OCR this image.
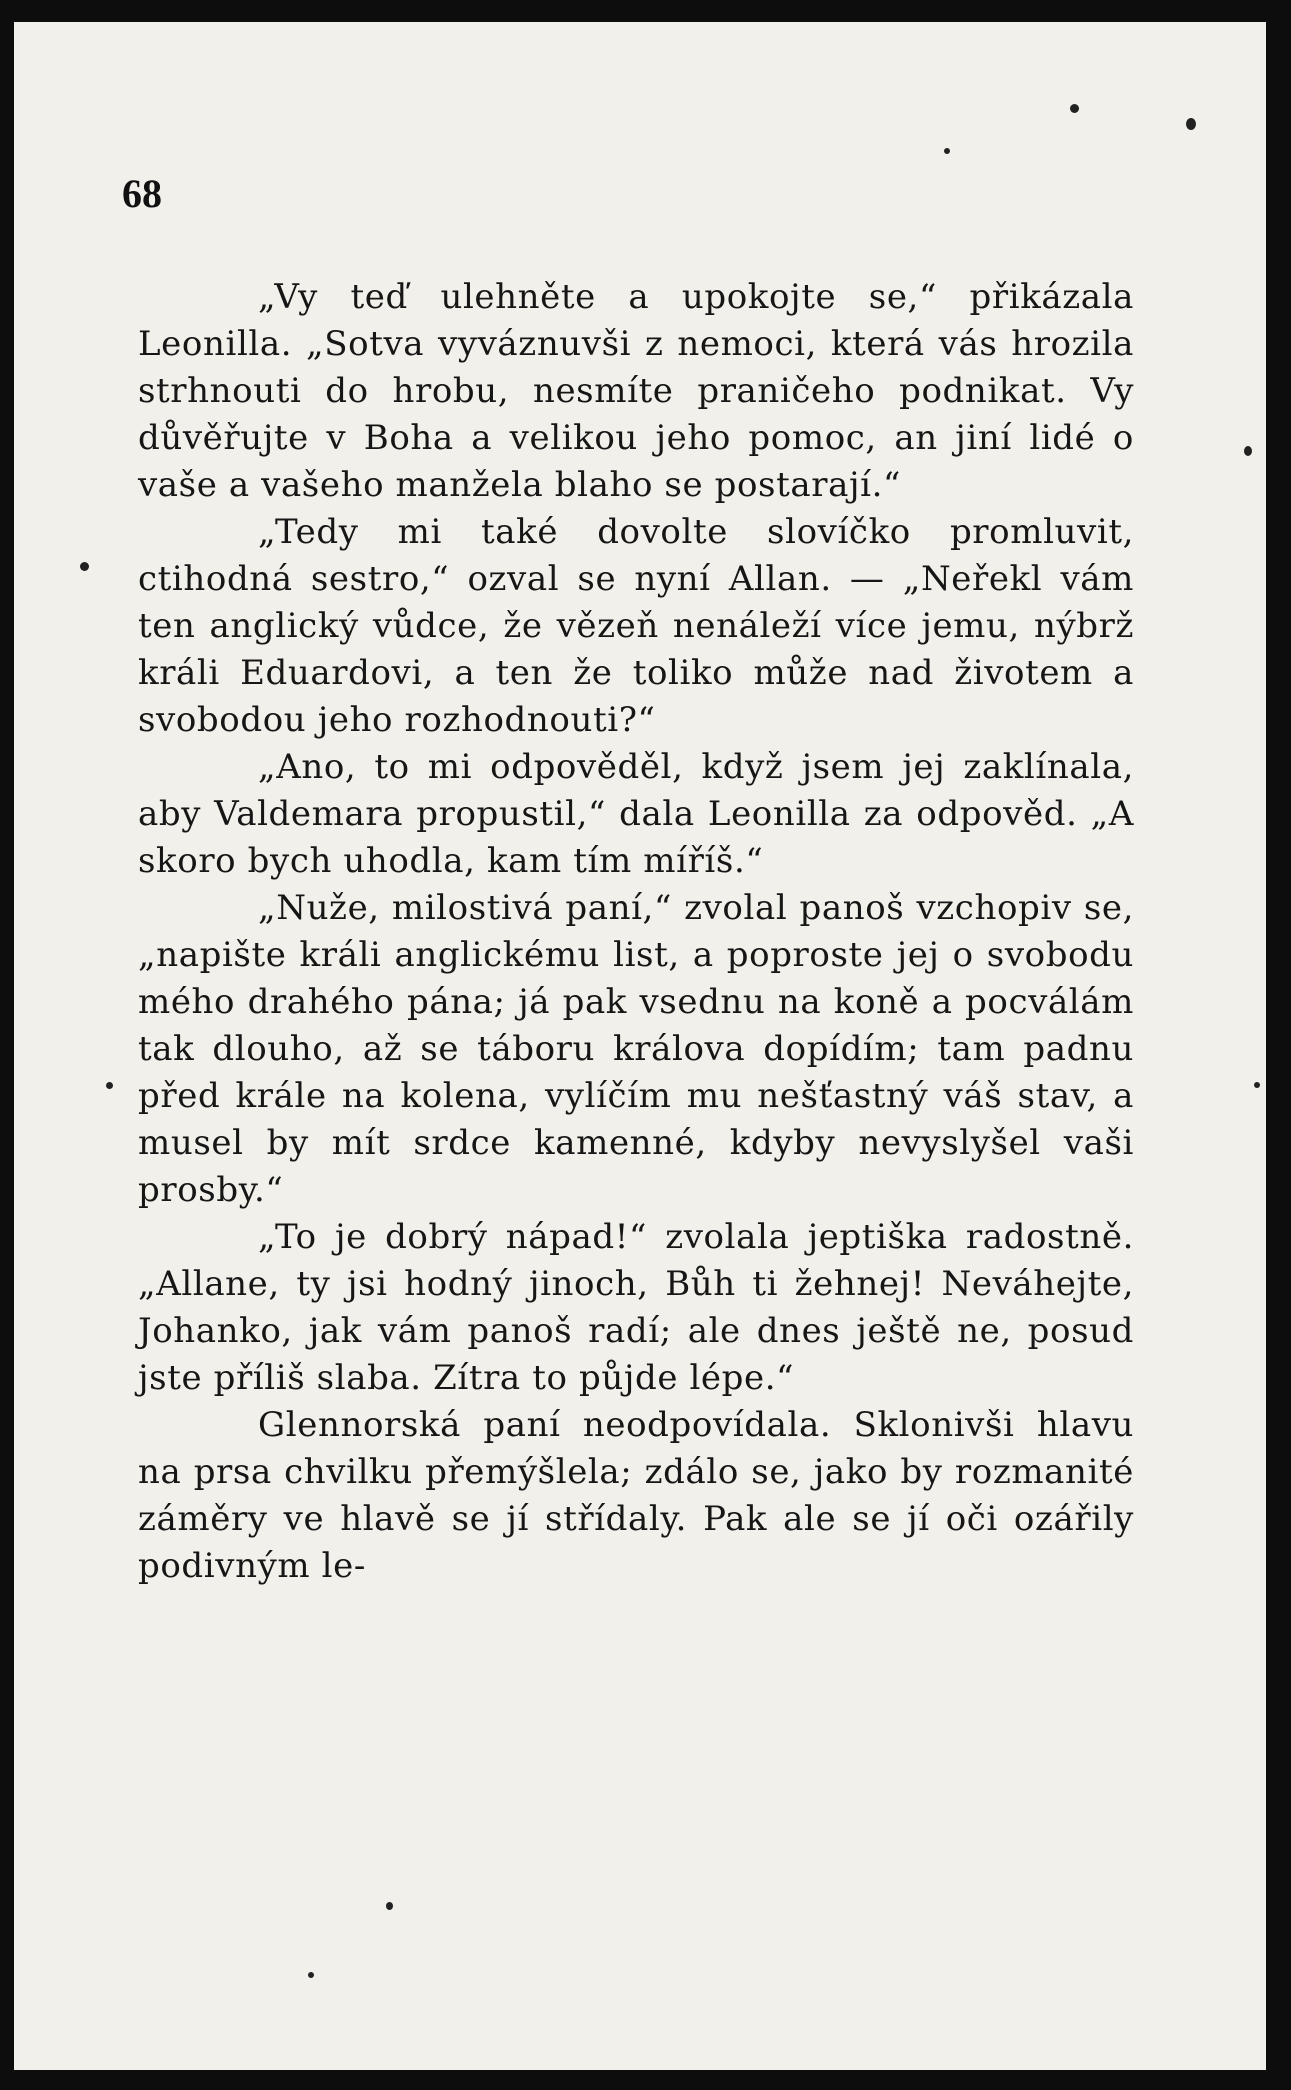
68

„Vy teď ulehněte a upokojte se,“ přikázala Leonilla. „Sotva vyváznuvši z nemoci, která vás hrozila strhnouti do hrobu, nesmíte praničeho podnikat. Vy důvěřujte v Boha a velikou jeho pomoc, an jiní lidé o vaše a vašeho manžela blaho se postarají.“

„Tedy mi také dovolte slovíčko promluvit, ctihodná sestro,“ ozval se nyní Allan. — „Neřekl vám ten anglický vůdce, že vězeň nenáleží více jemu, nýbrž králi Eduardovi, a ten že toliko může nad životem a svobodou jeho rozhodnouti?“

„Ano, to mi odpověděl, když jsem jej zaklínala, aby Valdemara propustil,“ dala Leonilla za odpověd. „A skoro bych uhodla, kam tím míříš.“

„Nuže, milostivá paní,“ zvolal panoš vzchopiv se, „napište králi anglickému list, a poproste jej o svobodu mého drahého pána; já pak vsednu na koně a pocválám tak dlouho, až se táboru králova dopídím; tam padnu před krále na kolena, vylíčím mu nešťastný váš stav, a musel by mít srdce kamenné, kdyby nevyslyšel vaši prosby.“

„To je dobrý nápad!“ zvolala jeptiška radostně. „Allane, ty jsi hodný jinoch, Bůh ti žehnej! Neváhejte, Johanko, jak vám panoš radí; ale dnes ještě ne, posud jste příliš slaba. Zítra to půjde lépe.“

Glennorská paní neodpovídala. Sklonivši hlavu na prsa chvilku přemýšlela; zdálo se, jako by rozmanité záměry ve hlavě se jí střídaly. Pak ale se jí oči ozářily podivným le-
